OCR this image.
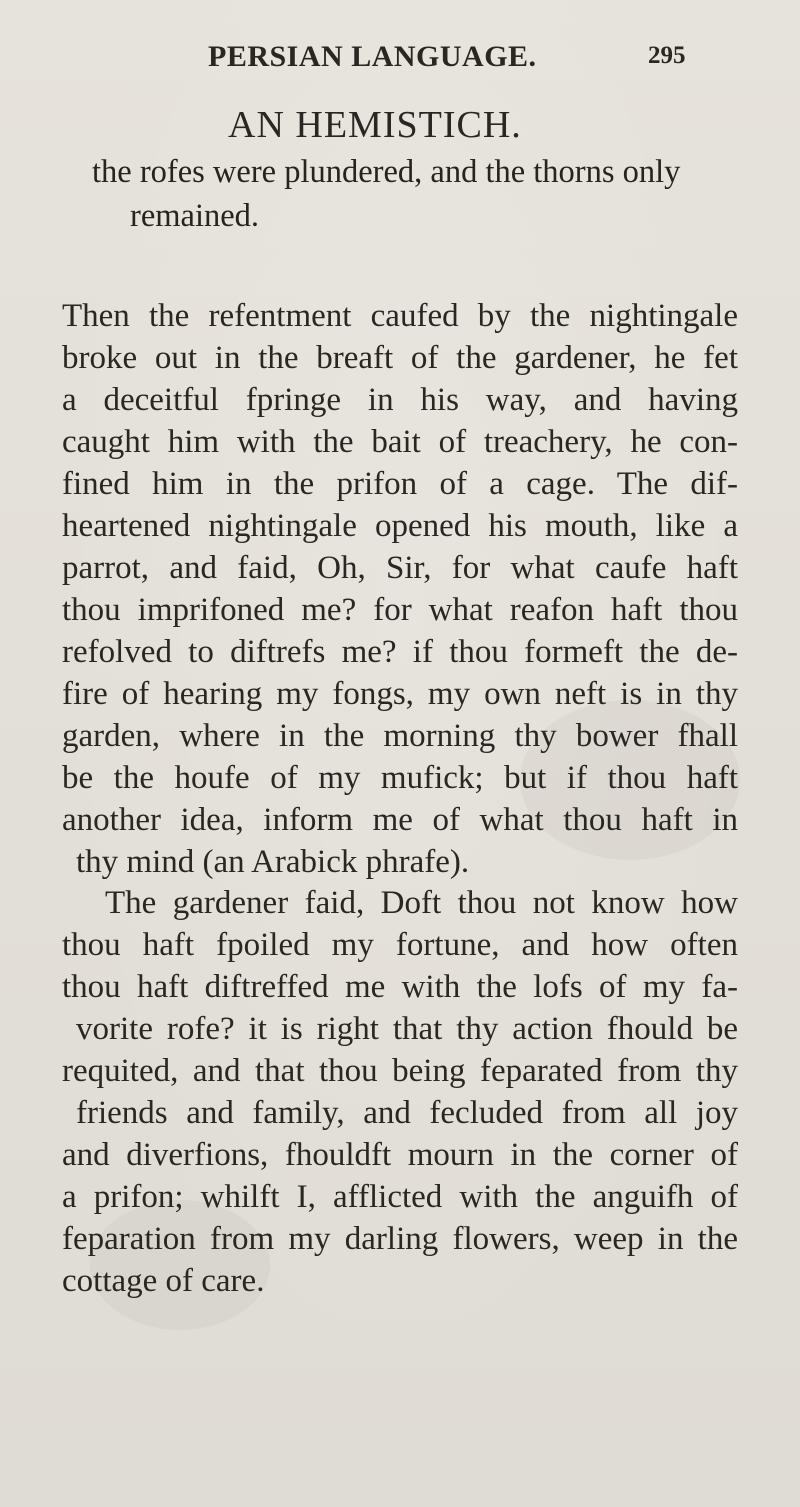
PERSIAN LANGUAGE.	295
AN HEMISTICH.
the rofes were plundered, and the thorns only
remained.
Then the refentment caufed by the nightingale
broke out in the breaft of the gardener, he fet
a deceitful fpringe in his way, and having
caught him with the bait of treachery, he con-
fined him in the prifon of a cage. The dif-
heartened nightingale opened his mouth, like a
parrot, and faid, Oh, Sir, for what caufe haft
thou imprifoned me? for what reafon haft thou
refolved to diftrefs me? if thou formeft the de-
fire of hearing my fongs, my own neft is in thy
garden, where in the morning thy bower fhall
be the houfe of my mufick; but if thou haft
another idea, inform me of what thou haft in
thy mind (an Arabick phrafe).
The gardener faid, Doft thou not know how
thou haft fpoiled my fortune, and how often
thou haft diftreffed me with the lofs of my fa-
vorite rofe? it is right that thy action fhould be
requited, and that thou being feparated from thy
friends and family, and fecluded from all joy
and diverfions, fhouldft mourn in the corner of
a prifon; whilft I, afflicted with the anguifh of
feparation from my darling flowers, weep in the
cottage of care.
